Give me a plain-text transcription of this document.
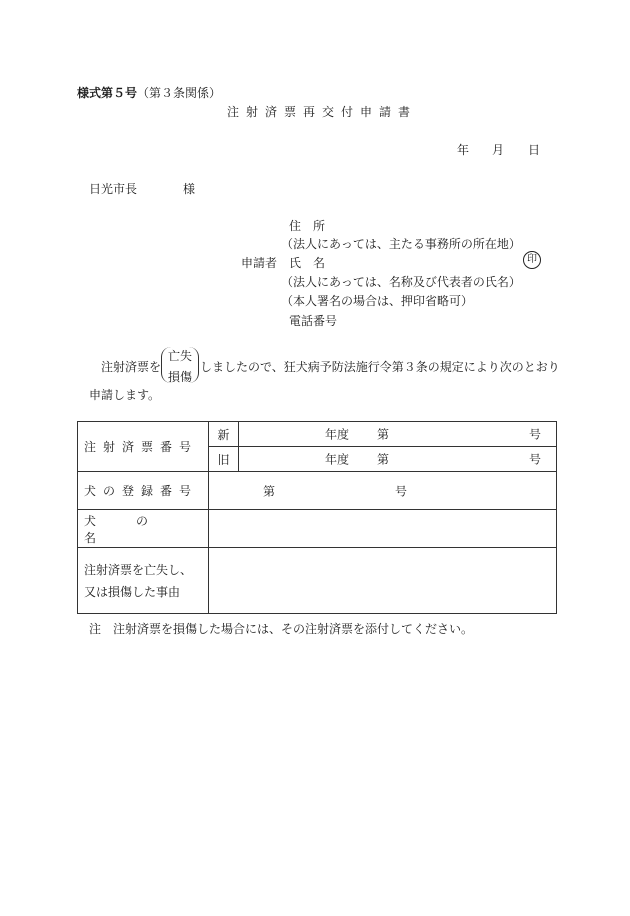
様式第５号（第３条関係）
注射済票再交付申請書
年 月 日
日光市長	様
住　所
（法人にあっては、主たる事務所の所在地）
申請者 氏　名	印
（法人にあっては、名称及び代表者の氏名）
（本人署名の場合は、押印省略可）
電話番号
注射済票を
亡失
損傷
しましたので、狂犬病予防法施行令第３条の規定により次のとおり
申請します。
注射済票番号	新	年度 第 号

	旧	年度 第 号

犬の登録番号	第 号	

犬の名		

注射済票を亡失し、
又は損傷した事由		

注　注射済票を損傷した場合には、その注射済票を添付してください。
